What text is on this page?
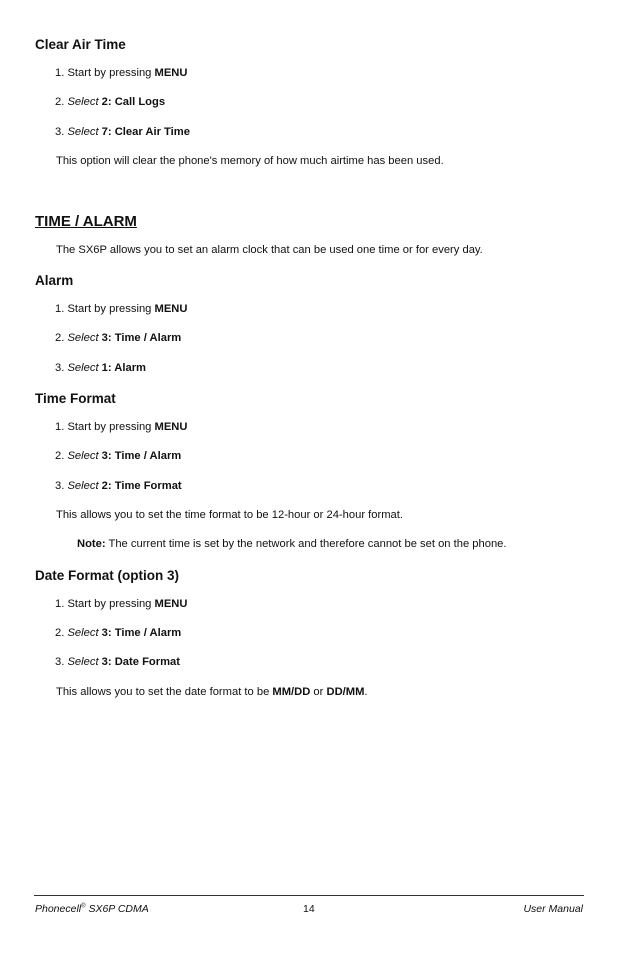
Clear Air Time

1. Start by pressing MENU

2. Select 2: Call Logs

3. Select 7: Clear Air Time

This option will clear the phone's memory of how much airtime has been used.

TIME / ALARM

The SX6P allows you to set an alarm clock that can be used one time or for every day.

Alarm

1. Start by pressing MENU

2. Select 3: Time / Alarm

3. Select 1: Alarm

Time Format

1. Start by pressing MENU

2. Select 3: Time / Alarm

3. Select 2: Time Format

This allows you to set the time format to be 12-hour or 24-hour format.

Note: The current time is set by the network and therefore cannot be set on the phone.

Date Format (option 3)

1. Start by pressing MENU

2. Select 3: Time / Alarm

3. Select 3: Date Format

This allows you to set the date format to be MM/DD or DD/MM.

Phonecell® SX6P CDMA	14	User Manual
